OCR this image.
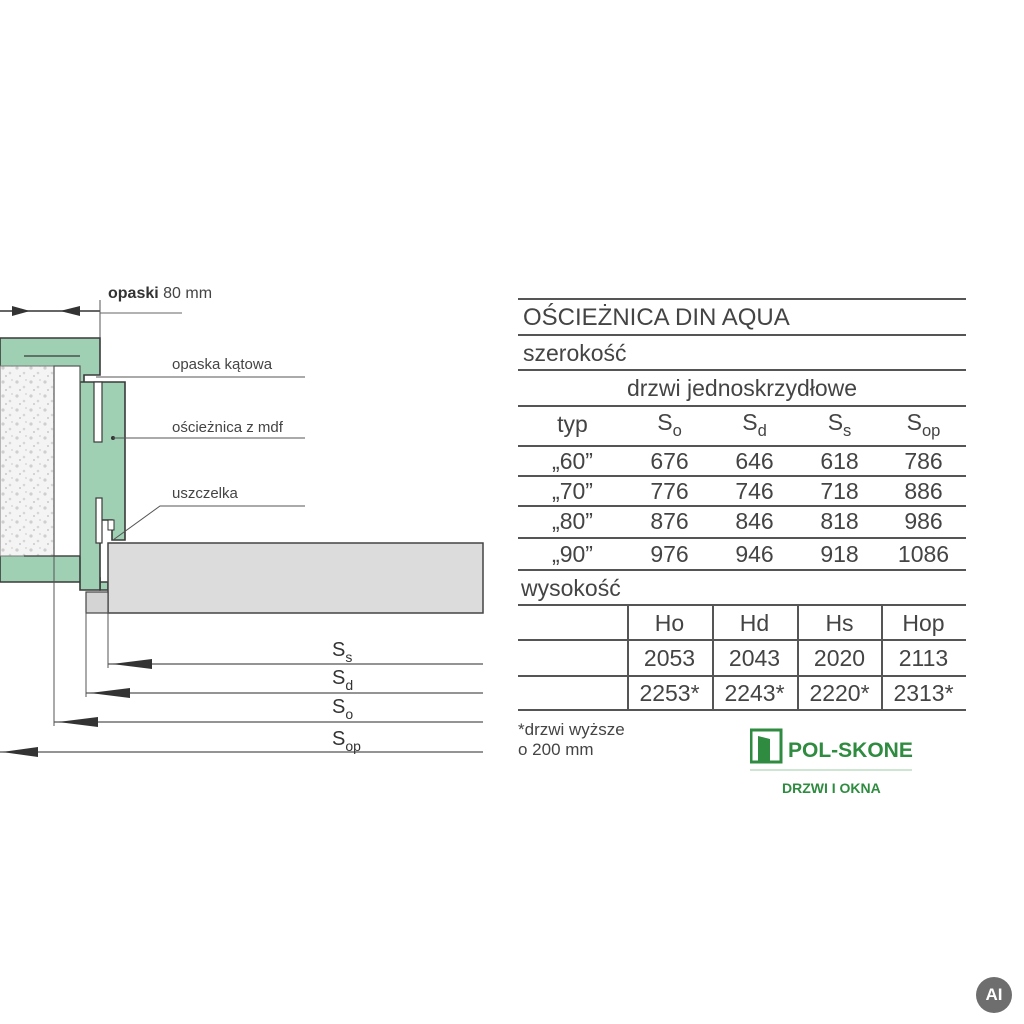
opaski 80 mm
opaska kątowa
ościeżnica z mdf
uszczelka
$S_s$
$S_d$
$S_o$
$S_{op}$
OŚCIEŻNICA DIN AQUA
szerokość
drzwi jednoskrzydłowe
typ	$S_o$	$S_d$	$S_s$	$S_{op}$
„60”	676	646	618	786
„70”	776	746	718	886
„80”	876	846	818	986
„90”	976	946	918	1086
wysokość
Ho	Hd	Hs	Hop
2053	2043	2020	2113
2253*	2243*	2220*	2313*
*drzwi wyższe
o 200 mm	POL-SKONE
DRZWI I OKNA
AI
